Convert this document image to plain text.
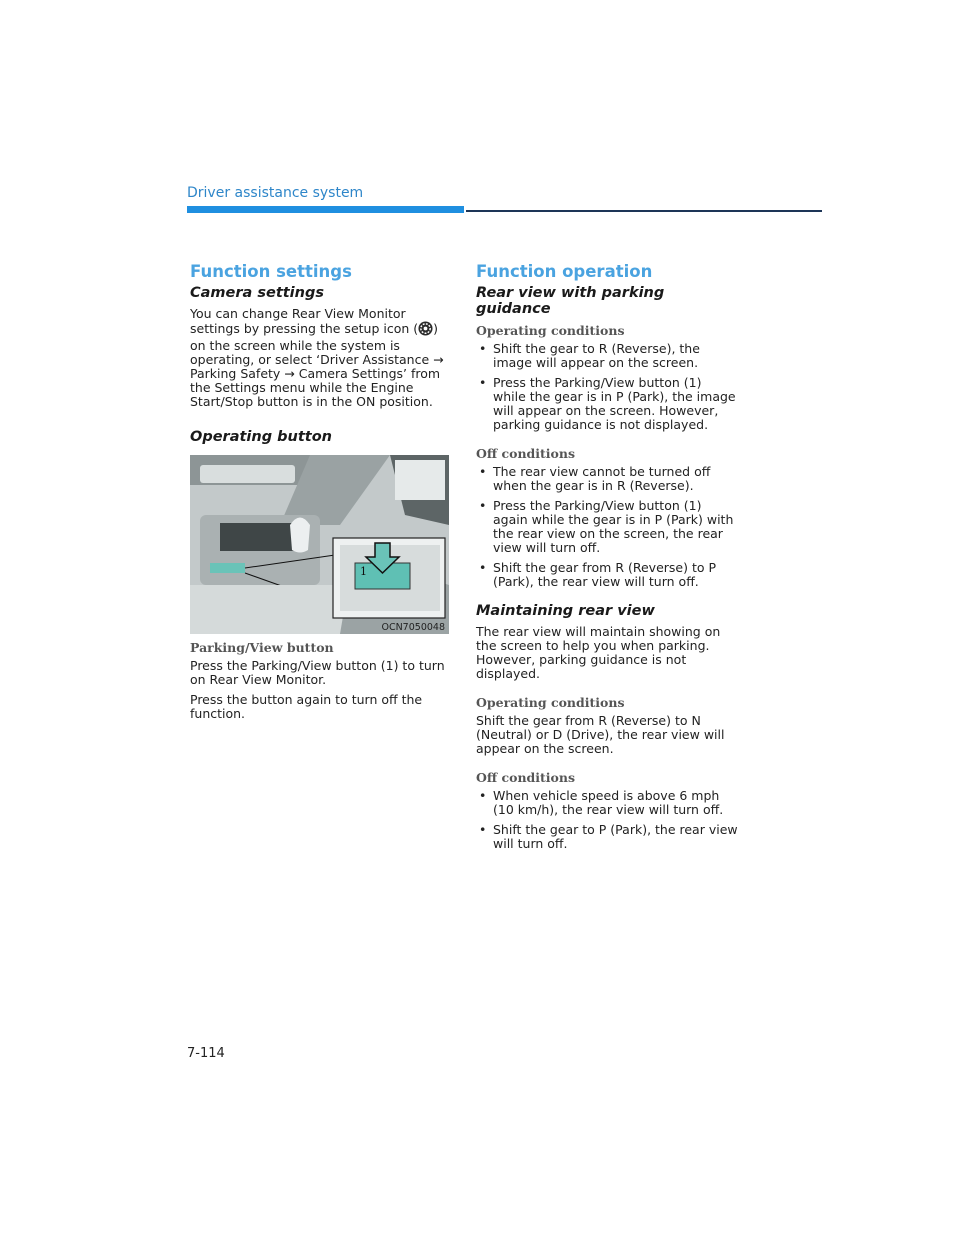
Driver assistance system
Function settings
Camera settings

You can change Rear View Monitor settings by pressing the setup icon ( ) on the screen while the system is operating, or select ‘Driver Assistance → Parking Safety → Camera Settings’ from the Settings menu while the Engine Start/Stop button is in the ON position.

Operating button
1
OCN7050048
Parking/View button

Press the Parking/View button (1) to turn on Rear View Monitor.

Press the button again to turn off the function.

Function operation
Rear view with parking guidance
Operating conditions
• Shift the gear to R (Reverse), the image will appear on the screen.
• Press the Parking/View button (1) while the gear is in P (Park), the image will appear on the screen. However, parking guidance is not displayed.
Off conditions
• The rear view cannot be turned off when the gear is in R (Reverse).
• Press the Parking/View button (1) again while the gear is in P (Park) with the rear view on the screen, the rear view will turn off.
• Shift the gear from R (Reverse) to P (Park), the rear view will turn off.
Maintaining rear view

The rear view will maintain showing on the screen to help you when parking. However, parking guidance is not displayed.

Operating conditions

Shift the gear from R (Reverse) to N (Neutral) or D (Drive), the rear view will appear on the screen.

Off conditions
• When vehicle speed is above 6 mph (10 km/h), the rear view will turn off.
• Shift the gear to P (Park), the rear view will turn off.
7-114
